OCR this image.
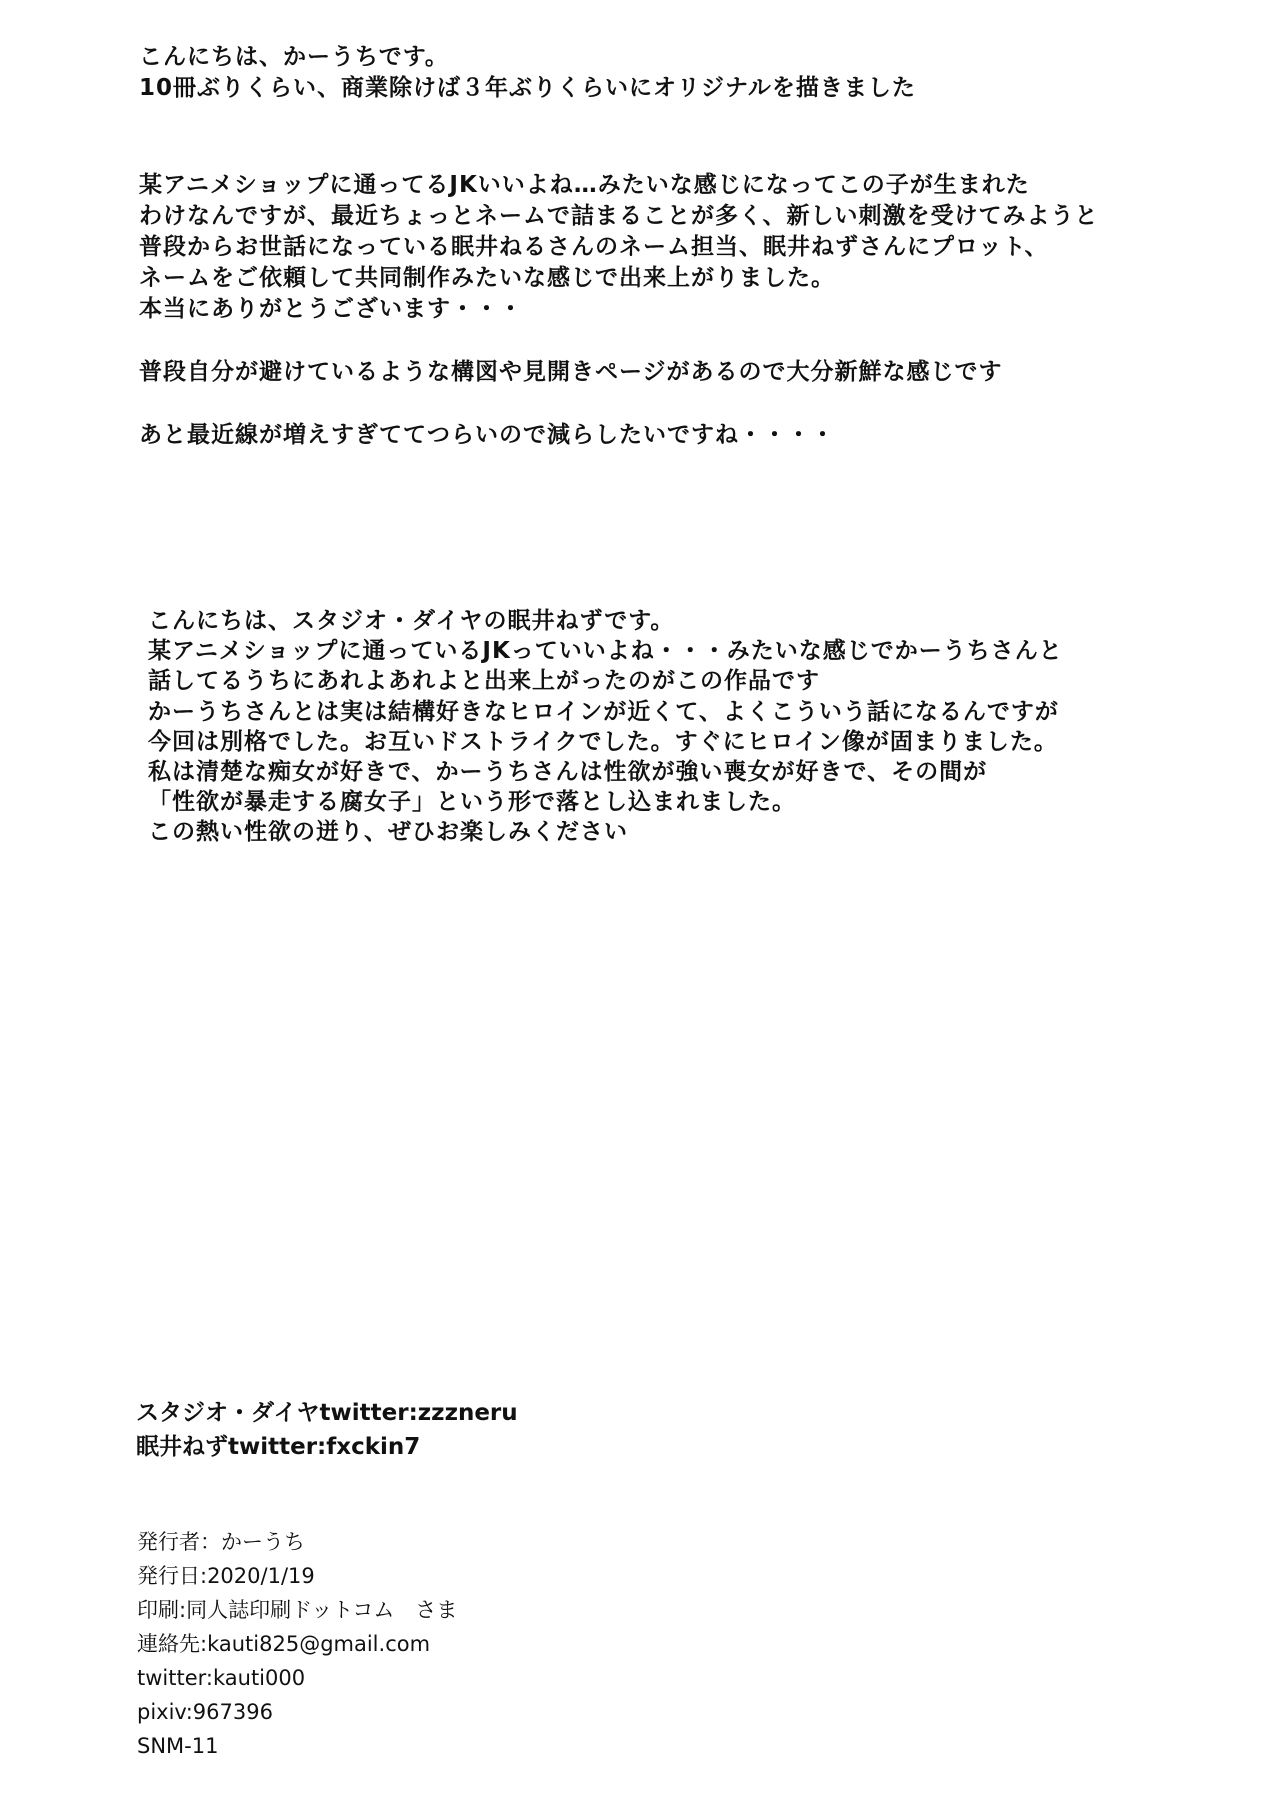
こんにちは、かーうちです。
10冊ぶりくらい、商業除けば３年ぶりくらいにオリジナルを描きました
某アニメショップに通ってるJKいいよね…みたいな感じになってこの子が生まれた
わけなんですが、最近ちょっとネームで詰まることが多く、新しい刺激を受けてみようと
普段からお世話になっている眠井ねるさんのネーム担当、眠井ねずさんにプロット、
ネームをご依頼して共同制作みたいな感じで出来上がりました。
本当にありがとうございます・・・
普段自分が避けているような構図や見開きページがあるので大分新鮮な感じです
あと最近線が増えすぎててつらいので減らしたいですね・・・・
こんにちは、スタジオ・ダイヤの眠井ねずです。
某アニメショップに通っているJKっていいよね・・・みたいな感じでかーうちさんと
話してるうちにあれよあれよと出来上がったのがこの作品です
かーうちさんとは実は結構好きなヒロインが近くて、よくこういう話になるんですが
今回は別格でした。お互いドストライクでした。すぐにヒロイン像が固まりました。
私は清楚な痴女が好きで、かーうちさんは性欲が強い喪女が好きで、その間が
「性欲が暴走する腐女子」という形で落とし込まれました。
この熱い性欲の迸り、ぜひお楽しみください
スタジオ・ダイヤtwitter:zzzneru
眠井ねずtwitter:fxckin7
発行者：かーうち
発行日:2020/1/19
印刷:同人誌印刷ドットコム　さま
連絡先:kauti825@gmail.com
twitter:kauti000
pixiv:967396
SNM-11
